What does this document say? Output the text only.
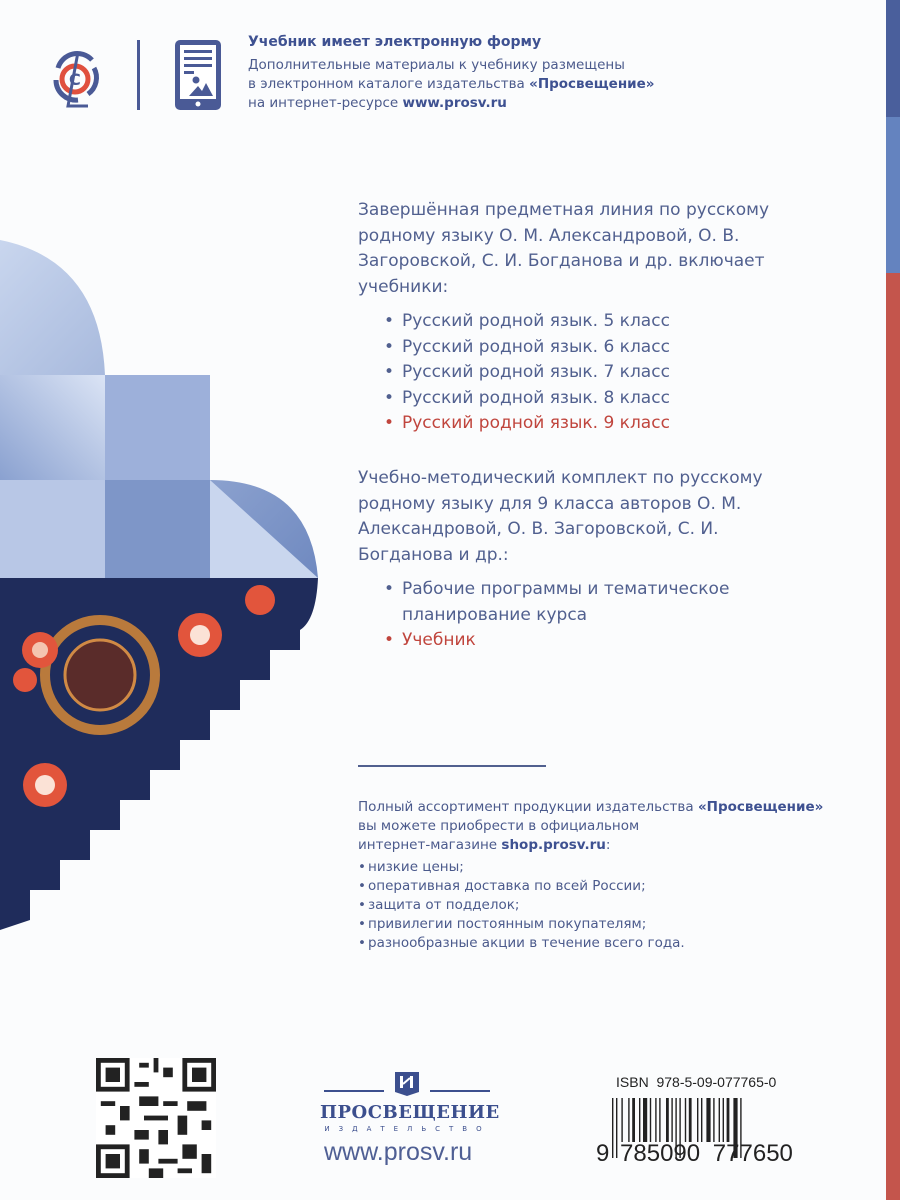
C
Учебник имеет электронную форму
Дополнительные материалы к учебнику размещены
в электронном каталоге издательства «Просвещение»
на интернет-ресурсе www.prosv.ru
Завершённая предметная линия по русскому родному языку О. М. Александровой, О. В. Загоровской, С. И. Богданова и др. включает учебники:
• Русский родной язык. 5 класс
• Русский родной язык. 6 класс
• Русский родной язык. 7 класс
• Русский родной язык. 8 класс
• Русский родной язык. 9 класс
Учебно-методический комплект по русскому родному языку для 9 класса авторов О. М. Александровой, О. В. Загоровской, С. И. Богданова и др.:
• Рабочие программы и тематическое планирование курса
• Учебник
Полный ассортимент продукции издательства «Просвещение»
вы можете приобрести в официальном
интернет-магазине shop.prosv.ru:
• низкие цены;
• оперативная доставка по всей России;
• защита от подделок;
• привилегии постоянным покупателям;
• разнообразные акции в течение всего года.
ПРОСВЕЩЕНИЕ
ИЗДАТЕЛЬСТВО
www.prosv.ru
ISBN  978-5-09-077765-0
9 785090 777650
